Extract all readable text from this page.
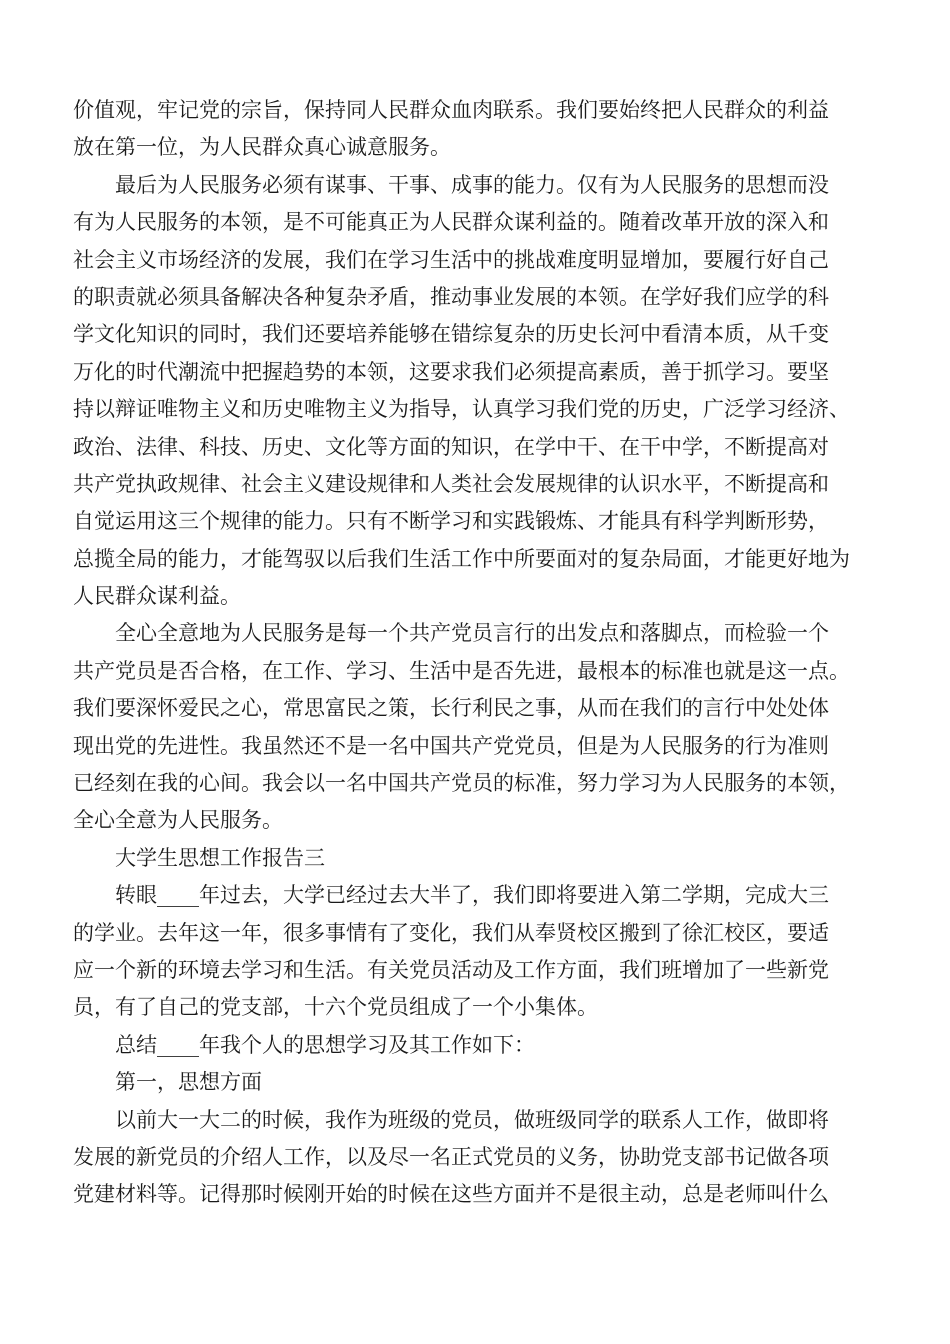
价值观，牢记党的宗旨，保持同人民群众血肉联系。我们要始终把人民群众的利益
放在第一位，为人民群众真心诚意服务。
　　最后为人民服务必须有谋事、干事、成事的能力。仅有为人民服务的思想而没
有为人民服务的本领，是不可能真正为人民群众谋利益的。随着改革开放的深入和
社会主义市场经济的发展，我们在学习生活中的挑战难度明显增加，要履行好自己
的职责就必须具备解决各种复杂矛盾，推动事业发展的本领。在学好我们应学的科
学文化知识的同时，我们还要培养能够在错综复杂的历史长河中看清本质，从千变
万化的时代潮流中把握趋势的本领，这要求我们必须提高素质，善于抓学习。要坚
持以辩证唯物主义和历史唯物主义为指导，认真学习我们党的历史，广泛学习经济、
政治、法律、科技、历史、文化等方面的知识，在学中干、在干中学，不断提高对
共产党执政规律、社会主义建设规律和人类社会发展规律的认识水平，不断提高和
自觉运用这三个规律的能力。只有不断学习和实践锻炼、才能具有科学判断形势，
总揽全局的能力，才能驾驭以后我们生活工作中所要面对的复杂局面，才能更好地为
人民群众谋利益。
　　全心全意地为人民服务是每一个共产党员言行的出发点和落脚点，而检验一个
共产党员是否合格，在工作、学习、生活中是否先进，最根本的标准也就是这一点。
我们要深怀爱民之心，常思富民之策，长行利民之事，从而在我们的言行中处处体
现出党的先进性。我虽然还不是一名中国共产党党员，但是为人民服务的行为准则
已经刻在我的心间。我会以一名中国共产党员的标准，努力学习为人民服务的本领，
全心全意为人民服务。
　　大学生思想工作报告三
　　转眼____年过去，大学已经过去大半了，我们即将要进入第二学期，完成大三
的学业。去年这一年，很多事情有了变化，我们从奉贤校区搬到了徐汇校区，要适
应一个新的环境去学习和生活。有关党员活动及工作方面，我们班增加了一些新党
员，有了自己的党支部，十六个党员组成了一个小集体。
　　总结____年我个人的思想学习及其工作如下：
　　第一，思想方面
　　以前大一大二的时候，我作为班级的党员，做班级同学的联系人工作，做即将
发展的新党员的介绍人工作，以及尽一名正式党员的义务，协助党支部书记做各项
党建材料等。记得那时候刚开始的时候在这些方面并不是很主动，总是老师叫什么
